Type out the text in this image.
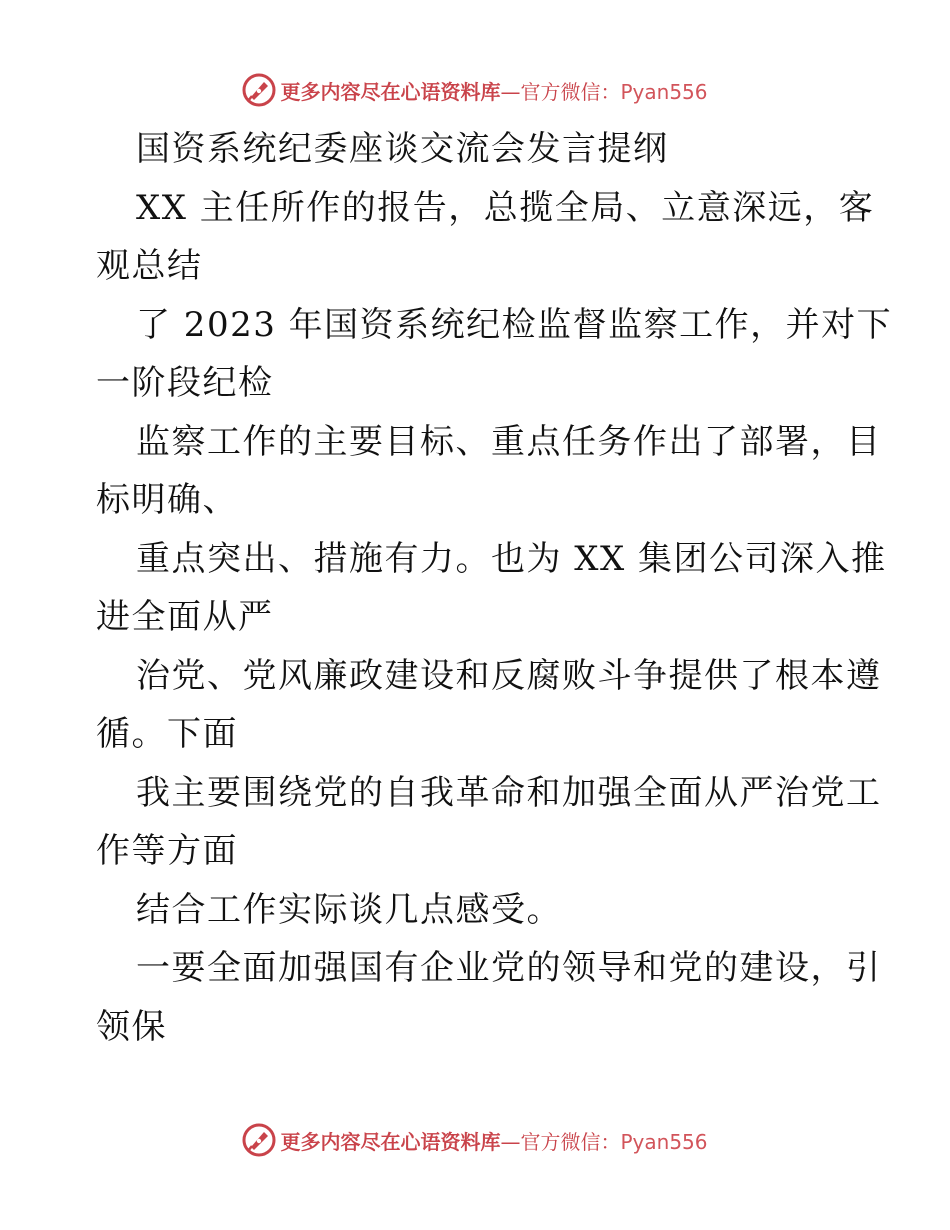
更多内容尽在心语资料库—官方微信：Pyan556
国资系统纪委座谈交流会发言提纲
XX 主任所作的报告，总揽全局、立意深远，客
观总结
了 2023 年国资系统纪检监督监察工作，并对下
一阶段纪检
监察工作的主要目标、重点任务作出了部署，目
标明确、
重点突出、措施有力。也为 XX 集团公司深入推
进全面从严
治党、党风廉政建设和反腐败斗争提供了根本遵
循。下面
我主要围绕党的自我革命和加强全面从严治党工
作等方面
结合工作实际谈几点感受。
一要全面加强国有企业党的领导和党的建设，引
领保
更多内容尽在心语资料库—官方微信：Pyan556
